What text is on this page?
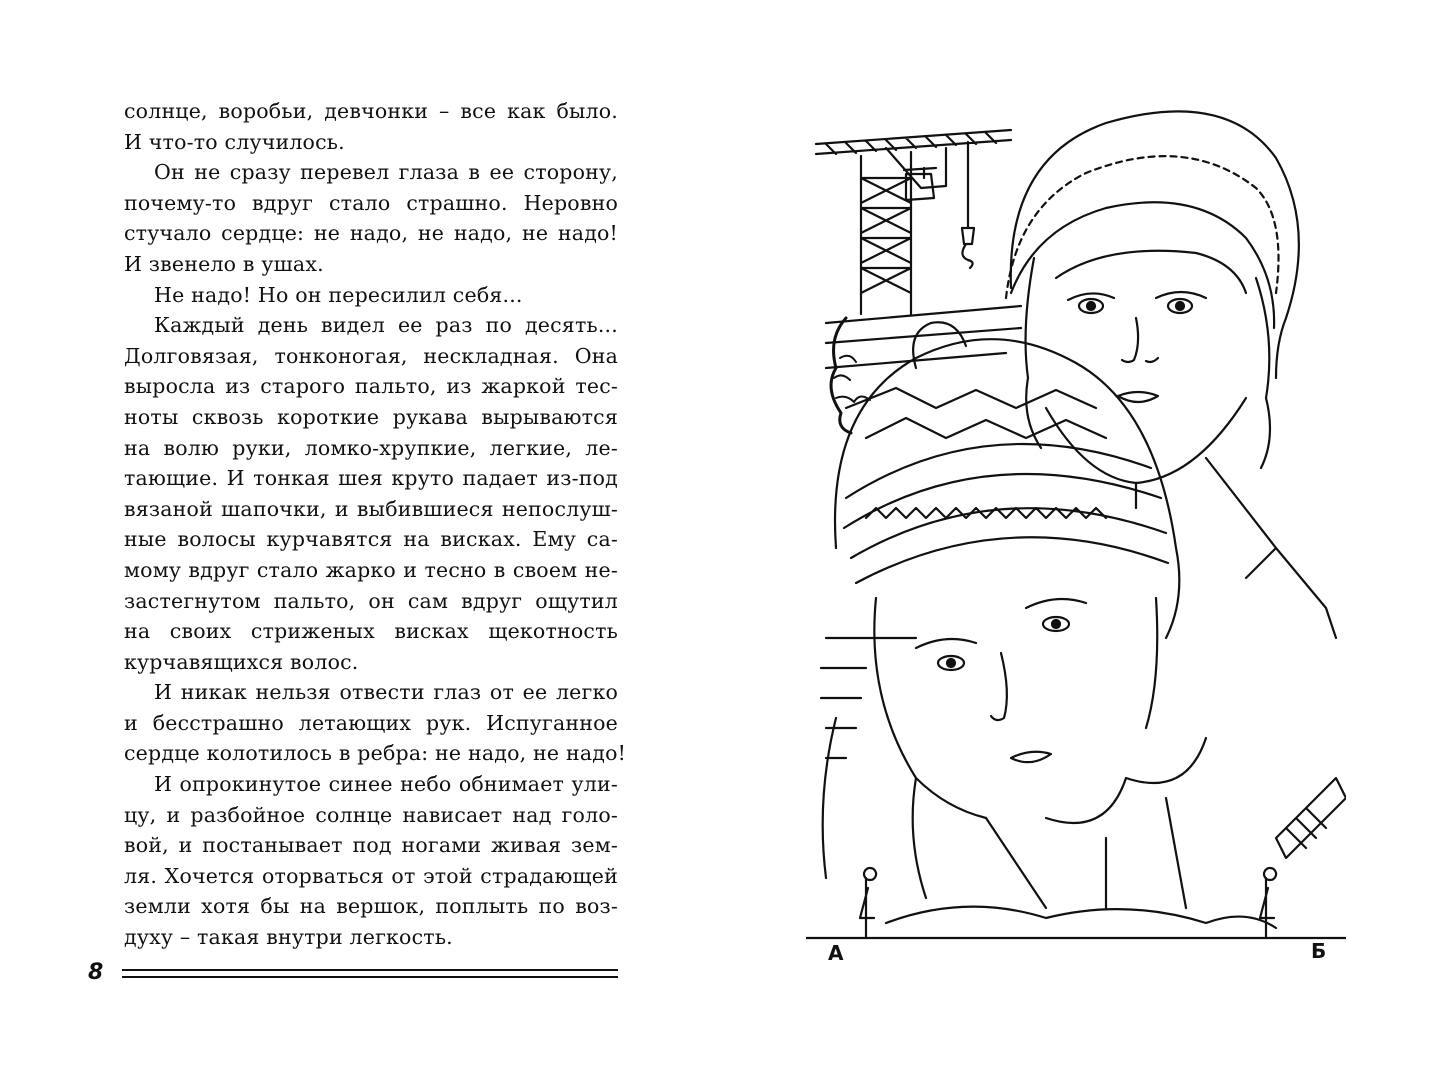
солнце, воробьи, девчонки – все как было.
И что-то случилось.
Он не сразу перевел глаза в ее сторону,
почему-то вдруг стало страшно. Неровно
стучало сердце: не надо, не надо, не надо!
И звенело в ушах.
Не надо! Но он пересилил себя...
Каждый день видел ее раз по десять...
Долговязая, тонконогая, нескладная. Она
выросла из старого пальто, из жаркой тес-
ноты сквозь короткие рукава вырываются
на волю руки, ломко-хрупкие, легкие, ле-
тающие. И тонкая шея круто падает из-под
вязаной шапочки, и выбившиеся непослуш-
ные волосы курчавятся на висках. Ему са-
мому вдруг стало жарко и тесно в своем не-
застегнутом пальто, он сам вдруг ощутил
на своих стриженых висках щекотность
курчавящихся волос.
И никак нельзя отвести глаз от ее легко
и бесстрашно летающих рук. Испуганное
сердце колотилось в ребра: не надо, не надо!
И опрокинутое синее небо обнимает ули-
цу, и разбойное солнце нависает над голо-
вой, и постанывает под ногами живая зем-
ля. Хочется оторваться от этой страдающей
земли хотя бы на вершок, поплыть по воз-
духу – такая внутри легкость.
8
А	Б
